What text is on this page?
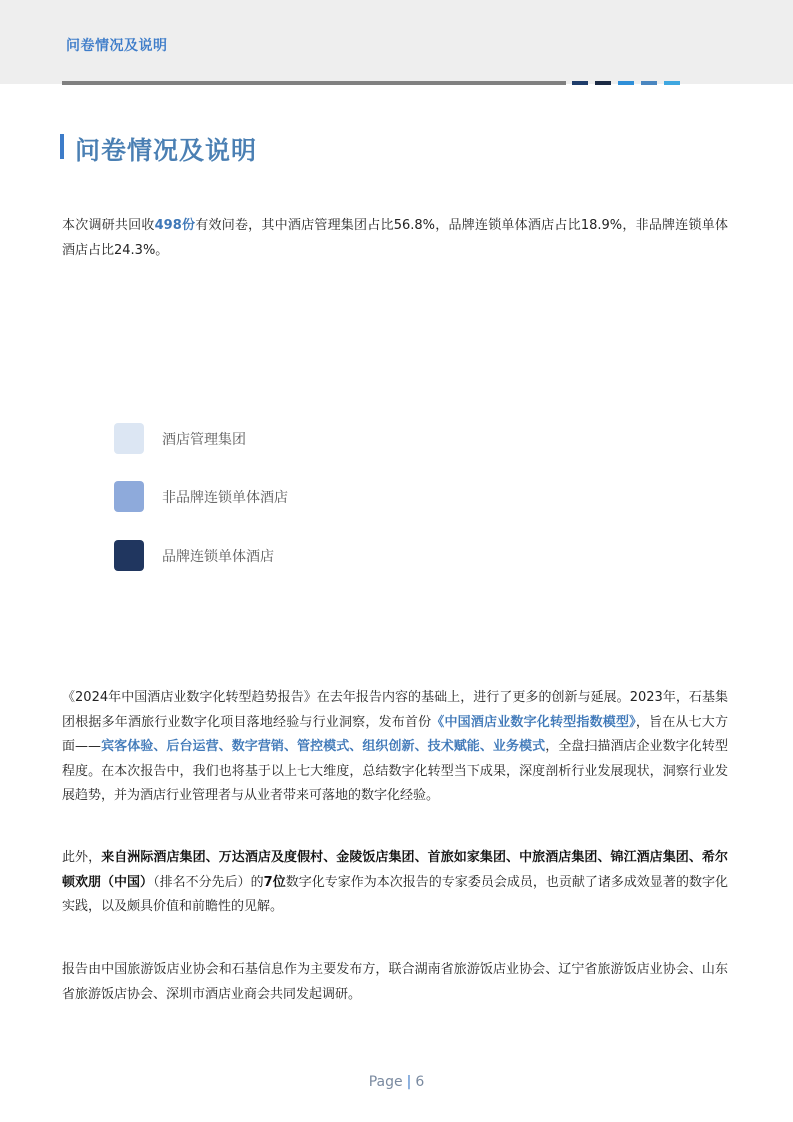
问卷情况及说明
问卷情况及说明
本次调研共回收498份有效问卷，其中酒店管理集团占比56.8%，品牌连锁单体酒店占比18.9%，非品牌连锁单体酒店占比24.3%。
酒店管理集团
非品牌连锁单体酒店
品牌连锁单体酒店
《2024年中国酒店业数字化转型趋势报告》在去年报告内容的基础上，进行了更多的创新与延展。2023年，石基集团根据多年酒旅行业数字化项目落地经验与行业洞察，发布首份《中国酒店业数字化转型指数模型》，旨在从七大方面——宾客体验、后台运营、数字营销、管控模式、组织创新、技术赋能、业务模式，全盘扫描酒店企业数字化转型程度。在本次报告中，我们也将基于以上七大维度，总结数字化转型当下成果，深度剖析行业发展现状，洞察行业发展趋势，并为酒店行业管理者与从业者带来可落地的数字化经验。
此外，来自洲际酒店集团、万达酒店及度假村、金陵饭店集团、首旅如家集团、中旅酒店集团、锦江酒店集团、希尔顿欢朋（中国）（排名不分先后）的7位数字化专家作为本次报告的专家委员会成员，也贡献了诸多成效显著的数字化实践，以及颇具价值和前瞻性的见解。
报告由中国旅游饭店业协会和石基信息作为主要发布方，联合湖南省旅游饭店业协会、辽宁省旅游饭店业协会、山东省旅游饭店协会、深圳市酒店业商会共同发起调研。
Page | 6
